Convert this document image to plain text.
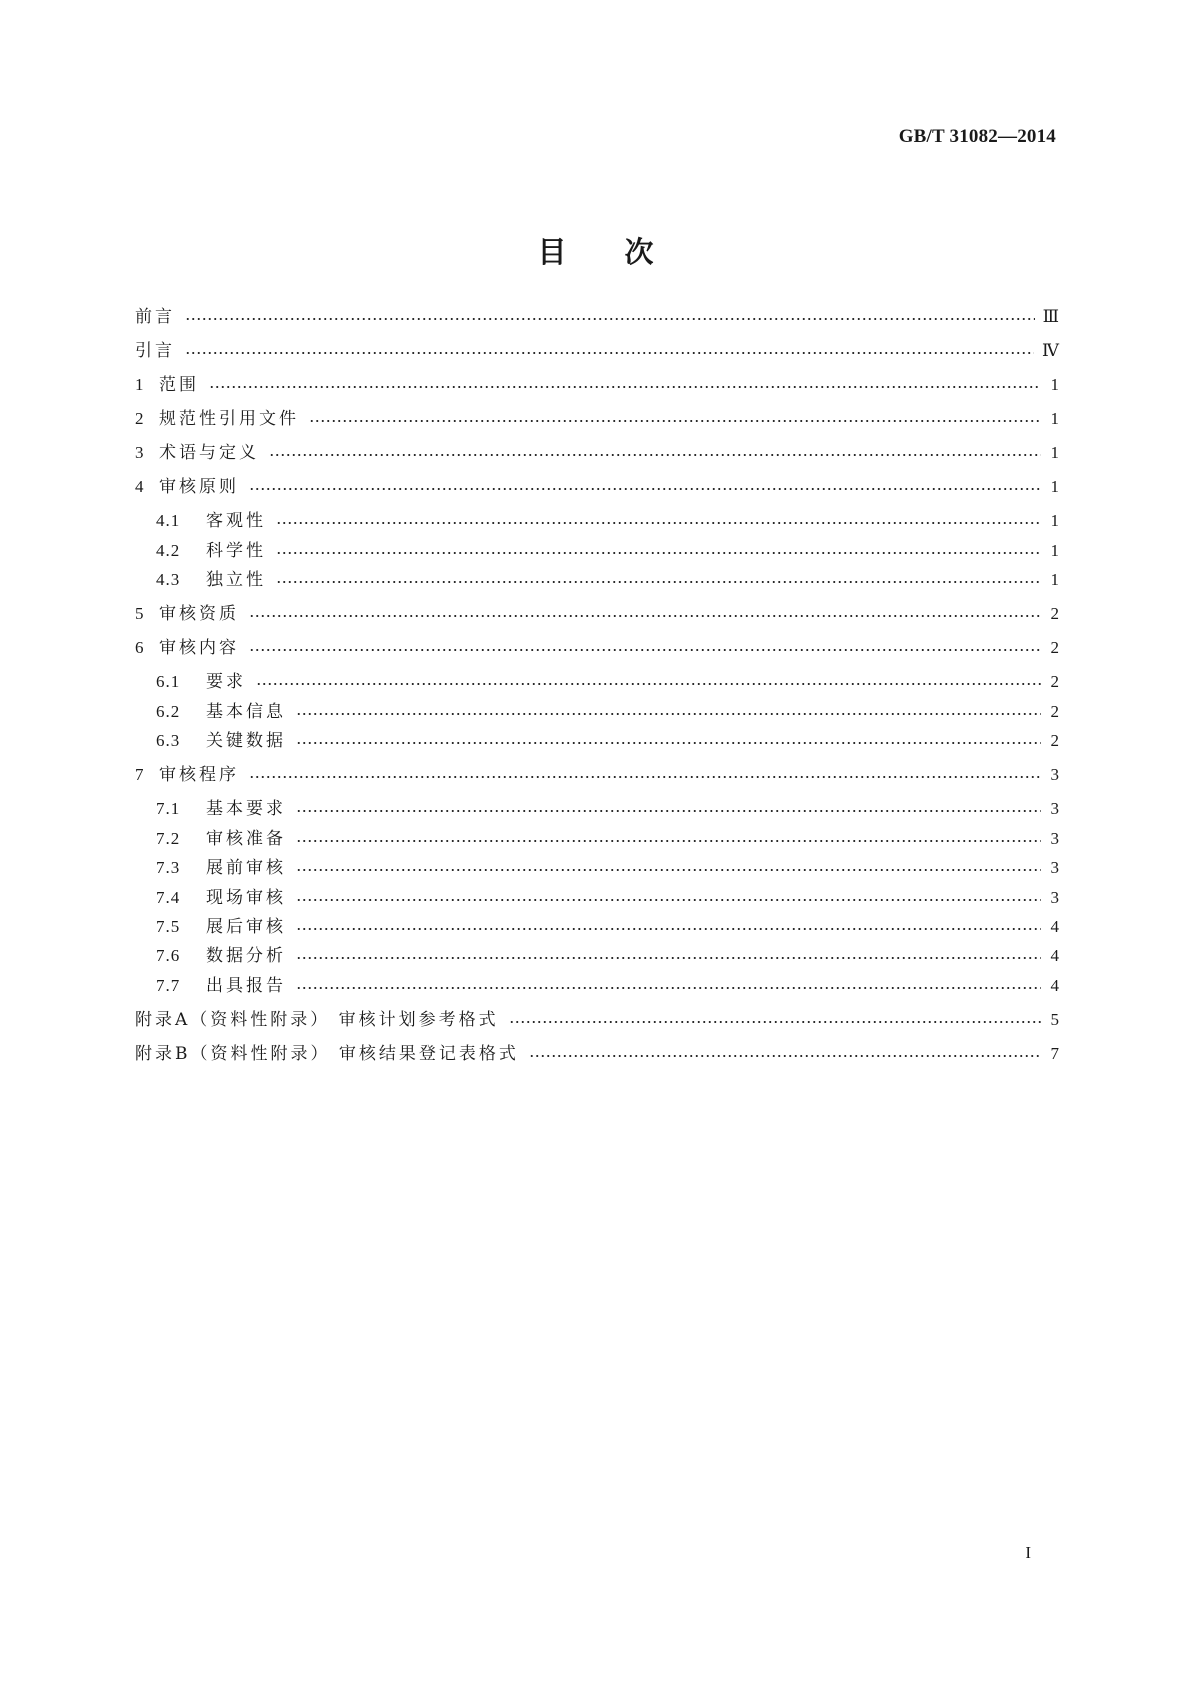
GB/T 31082—2014
目次
前言	Ⅲ
引言	Ⅳ
1 范围	1
2 规范性引用文件	1
3 术语与定义	1
4 审核原则	1
4.1	客观性	1
4.2	科学性	1
4.3	独立性	1
5 审核资质	2
6 审核内容	2
6.1	要求	2
6.2	基本信息	2
6.3	关键数据	2
7 审核程序	3
7.1	基本要求	3
7.2	审核准备	3
7.3	展前审核	3
7.4	现场审核	3
7.5	展后审核	4
7.6	数据分析	4
7.7	出具报告	4
附录A（资料性附录） 审核计划参考格式	5
附录B（资料性附录） 审核结果登记表格式	7
I
